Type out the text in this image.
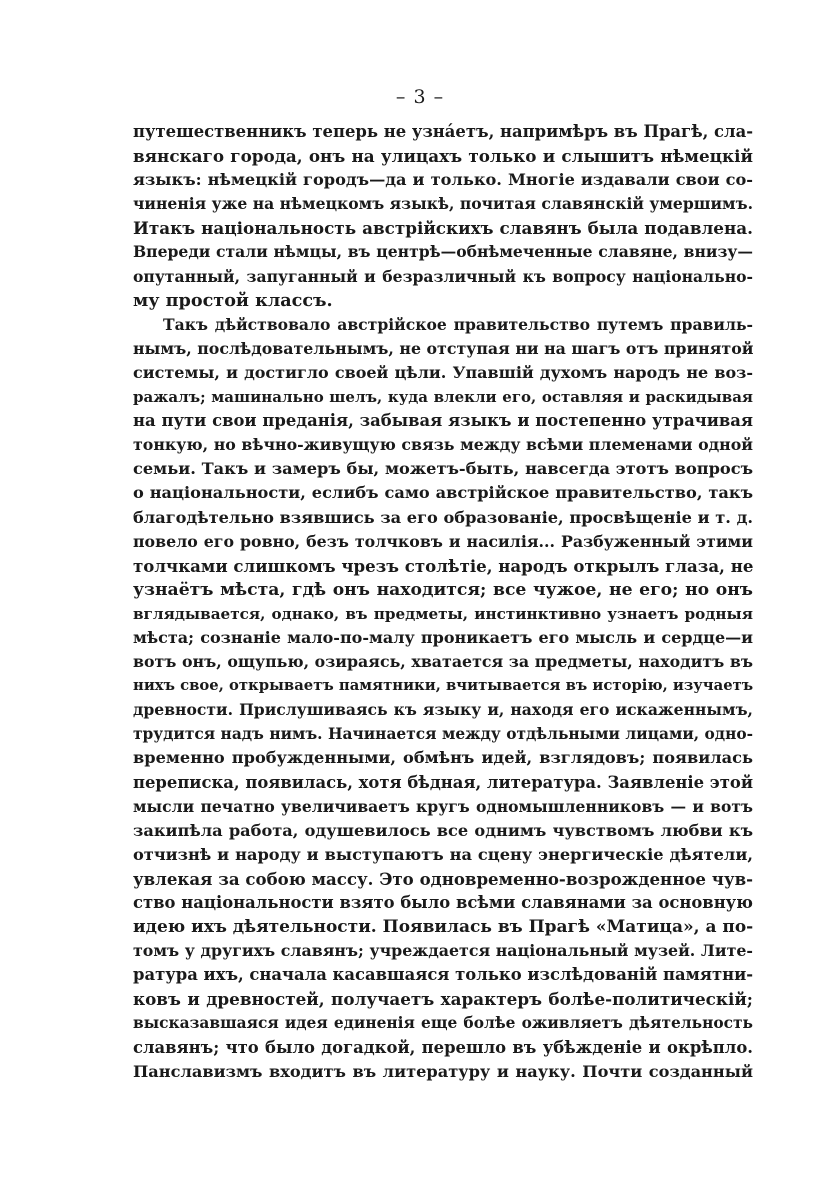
– 3 –
путешественникъ теперь не узнáетъ, напримѣръ въ Прагѣ, сла-
вянскаго города, онъ на улицахъ только и слышитъ нѣмецкій
языкъ: нѣмецкій городъ—да и только. Многіе издавали свои со-
чиненія уже на нѣмецкомъ языкѣ, почитая славянскій умершимъ.
Итакъ національность австрійскихъ славянъ была подавлена.
Впереди стали нѣмцы, въ центрѣ—обнѣмеченные славяне, внизу—
опутанный, запуганный и безразличный къ вопросу національно-
му простой классъ.
Такъ дѣйствовало австрійское правительство путемъ правиль-
нымъ, послѣдовательнымъ, не отступая ни на шагъ отъ принятой
системы, и достигло своей цѣли. Упавшій духомъ народъ не воз-
ражалъ; машинально шелъ, куда влекли его, оставляя и раскидывая
на пути свои преданія, забывая языкъ и постепенно утрачивая
тонкую, но вѣчно-живущую связь между всѣми племенами одной
семьи. Такъ и замеръ бы, можетъ-быть, навсегда этотъ вопросъ
о національности, еслибъ само австрійское правительство, такъ
благодѣтельно взявшись за его образованіе, просвѣщеніе и т. д.
повело его ровно, безъ толчковъ и насилія... Разбуженный этими
толчками слишкомъ чрезъ столѣтіе, народъ открылъ глаза, не
узнаётъ мѣста, гдѣ онъ находится; все чужое, не его; но онъ
вглядывается, однако, въ предметы, инстинктивно узнаетъ родныя
мѣста; сознаніе мало-по-малу проникаетъ его мысль и сердце—и
вотъ онъ, ощупью, озираясь, хватается за предметы, находитъ въ
нихъ свое, открываетъ памятники, вчитывается въ исторію, изучаетъ
древности. Прислушиваясь къ языку и, находя его искаженнымъ,
трудится надъ нимъ. Начинается между отдѣльными лицами, одно-
временно пробужденными, обмѣнъ идей, взглядовъ; появилась
переписка, появилась, хотя бѣдная, литература. Заявленіе этой
мысли печатно увеличиваетъ кругъ одномышленниковъ — и вотъ
закипѣла работа, одушевилось все однимъ чувствомъ любви къ
отчизнѣ и народу и выступаютъ на сцену энергическіе дѣятели,
увлекая за собою массу. Это одновременно-возрожденное чув-
ство національности взято было всѣми славянами за основную
идею ихъ дѣятельности. Появилась въ Прагѣ «Матица», а по-
томъ у другихъ славянъ; учреждается національный музей. Лите-
ратура ихъ, сначала касавшаяся только изслѣдованій памятни-
ковъ и древностей, получаетъ характеръ болѣе-политическій;
высказавшаяся идея единенія еще болѣе оживляетъ дѣятельность
славянъ; что было догадкой, перешло въ убѣжденіе и окрѣпло.
Панславизмъ входитъ въ литературу и науку. Почти созданный
